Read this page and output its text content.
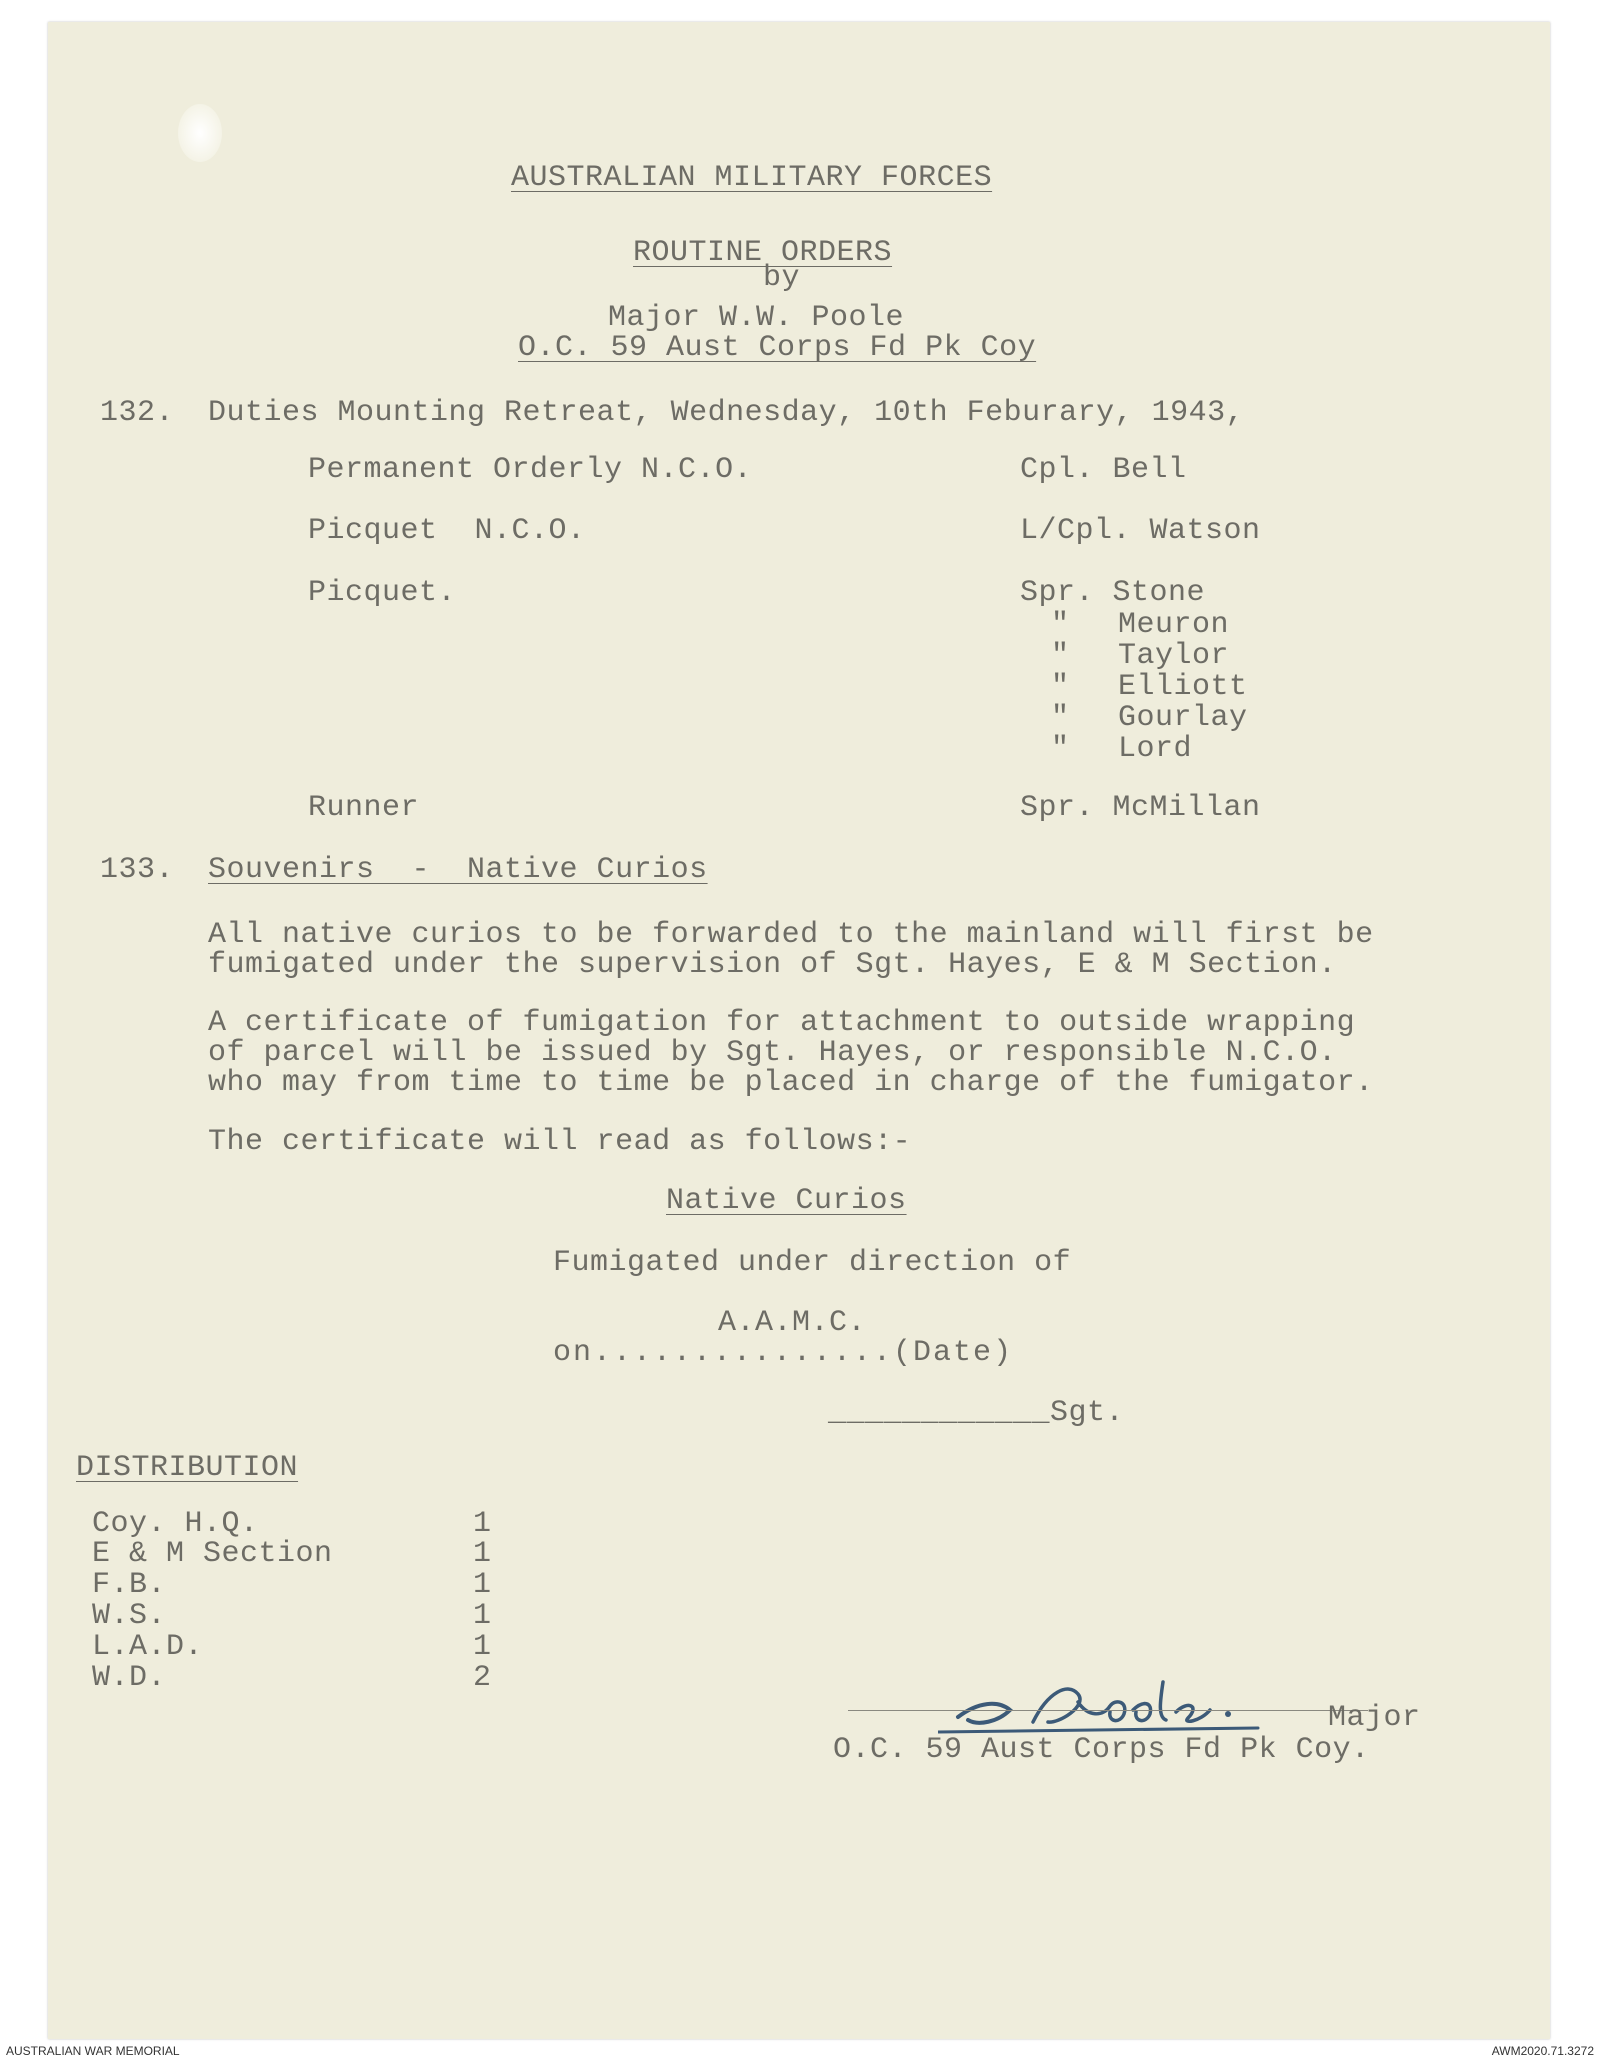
AUSTRALIAN MILITARY FORCES
ROUTINE ORDERS
by
Major W.W. Poole
O.C. 59 Aust Corps Fd Pk Coy
132. Duties Mounting Retreat, Wednesday, 10th Feburary, 1943,
Permanent Orderly N.C.O.	Cpl. Bell
Picquet  N.C.O.	L/Cpl. Watson
Picquet.	Spr. Stone
" Meuron
" Taylor
" Elliott
" Gourlay
" Lord
Runner	Spr. McMillan
133. Souvenirs  -  Native Curios
All native curios to be forwarded to the mainland will first be
fumigated under the supervision of Sgt. Hayes, E & M Section.
A certificate of fumigation for attachment to outside wrapping
of parcel will be issued by Sgt. Hayes, or responsible N.C.O.
who may from time to time be placed in charge of the fumigator.
The certificate will read as follows:-
Native Curios
Fumigated under direction of
A.A.M.C.
on...............(Date)
____________Sgt.
DISTRIBUTION
Coy. H.Q.	1
E & M Section	1
F.B.	1
W.S.	1
L.A.D.	1
W.D.	2
Major
O.C. 59 Aust Corps Fd Pk Coy.
AUSTRALIAN WAR MEMORIAL	AWM2020.71.3272
